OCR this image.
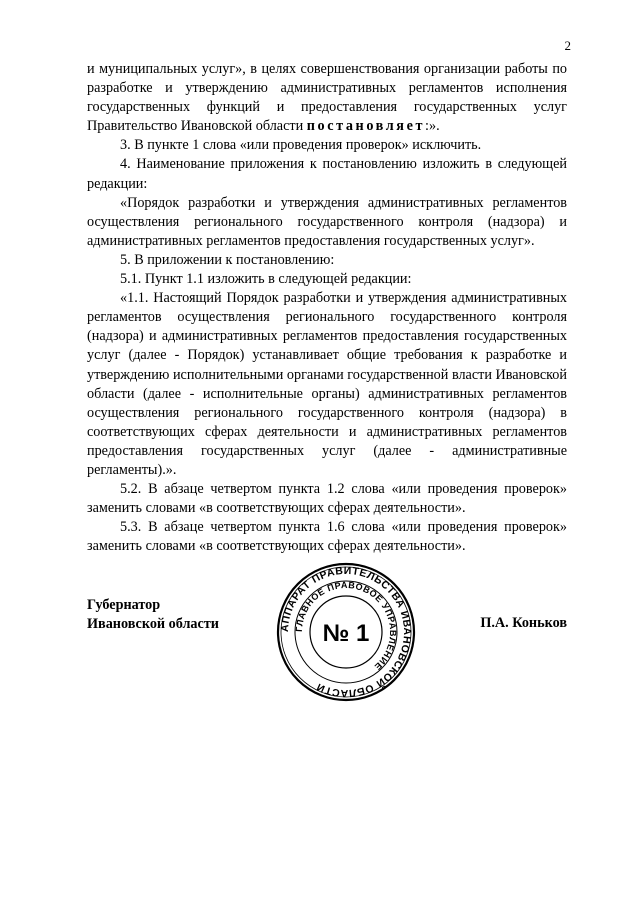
2

и муниципальных услуг», в целях совершенствования организации работы по разработке и утверждению административных регламентов исполнения государственных функций и предоставления государственных услуг Правительство Ивановской области постановляет:».

3. В пункте 1 слова «или проведения проверок» исключить.

4. Наименование приложения к постановлению изложить в следующей редакции:

«Порядок разработки и утверждения административных регламентов осуществления регионального государственного контроля (надзора) и административных регламентов предоставления государственных услуг».

5. В приложении к постановлению:

5.1. Пункт 1.1 изложить в следующей редакции:

«1.1. Настоящий Порядок разработки и утверждения административных регламентов осуществления регионального государственного контроля (надзора) и административных регламентов предоставления государственных услуг (далее - Порядок) устанавливает общие требования к разработке и утверждению исполнительными органами государственной власти Ивановской области (далее - исполнительные органы) административных регламентов осуществления регионального государственного контроля (надзора) в соответствующих сферах деятельности и административных регламентов предоставления государственных услуг (далее - административные регламенты).».

5.2. В абзаце четвертом пункта 1.2 слова «или проведения проверок» заменить словами «в соответствующих сферах деятельности».

5.3. В абзаце четвертом пункта 1.6 слова «или проведения проверок» заменить словами «в соответствующих сферах деятельности».

Губернатор
Ивановской области	АППАРАТ ПРАВИТЕЛЬСТВА ИВАНОВСКОЙ ОБЛАСТИ
ГЛАВНОЕ ПРАВОВОЕ УПРАВЛЕНИЕ
№ 1	П.А. Коньков
